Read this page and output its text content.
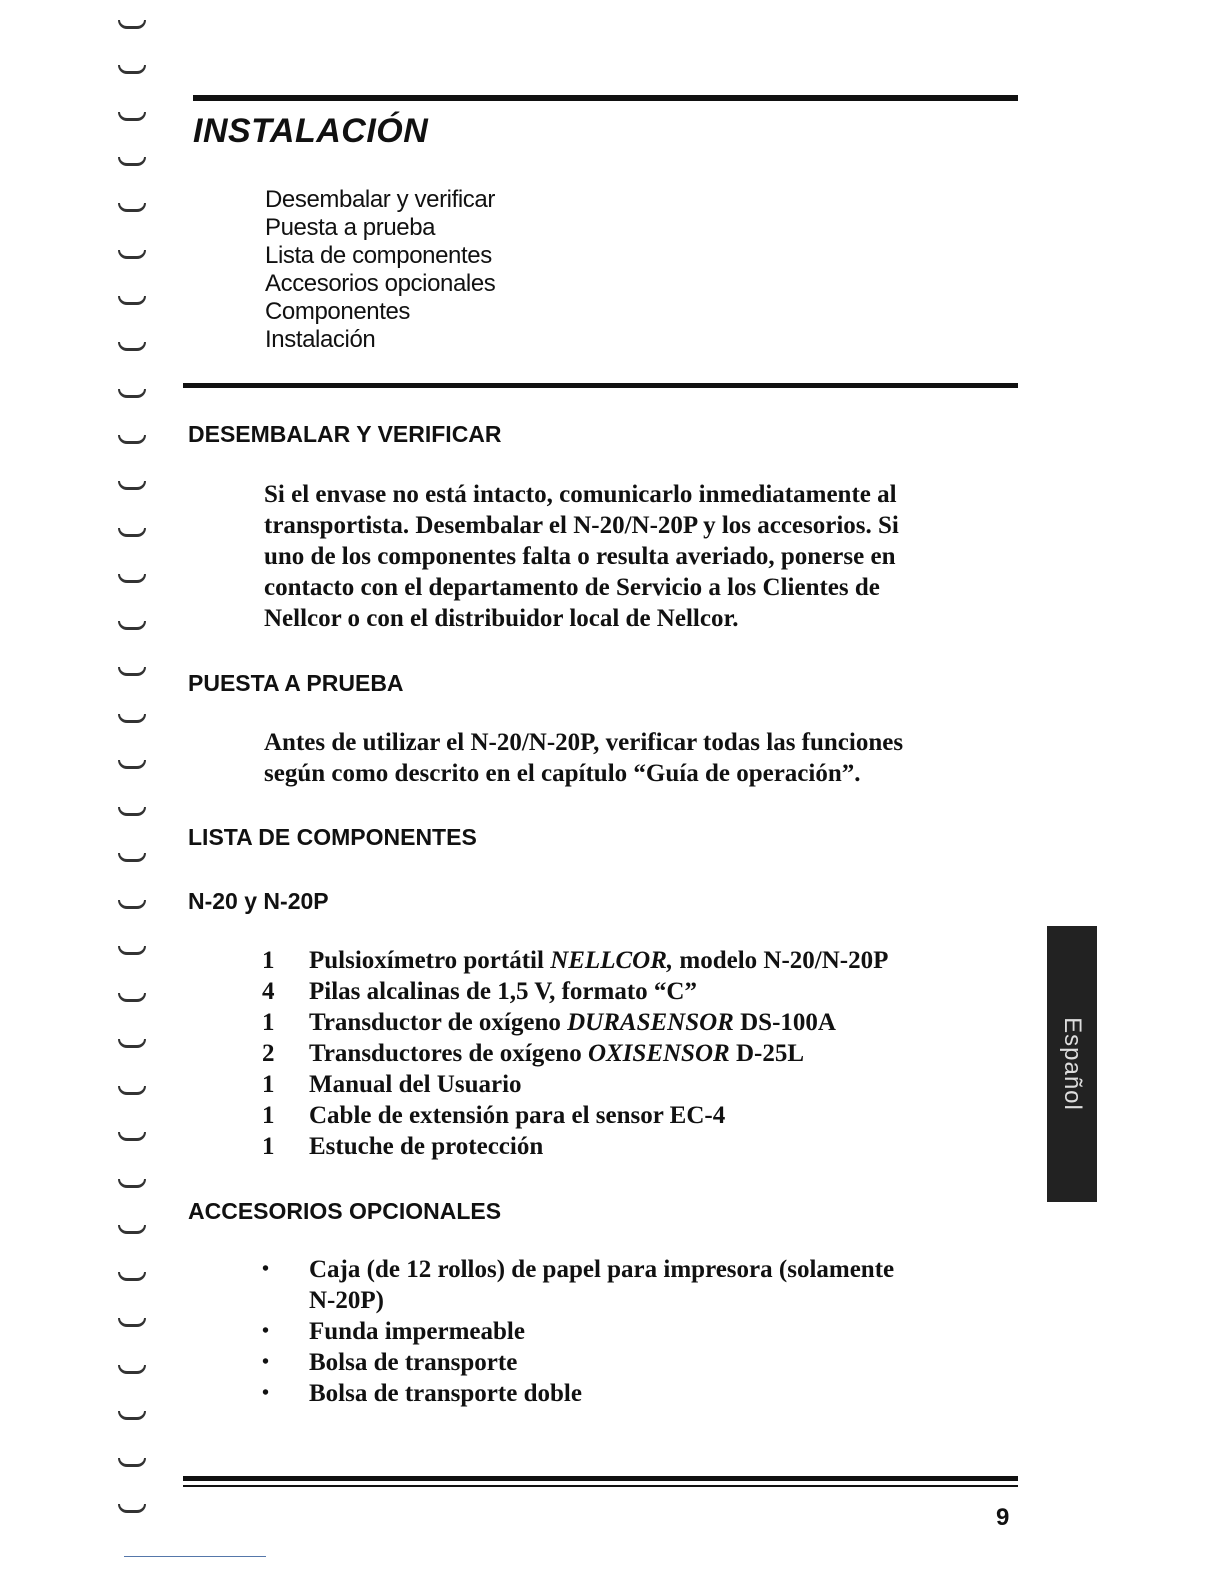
INSTALACIÓN
Desembalar y verificar
Puesta a prueba
Lista de componentes
Accesorios opcionales
Componentes
Instalación
DESEMBALAR Y VERIFICAR
Si el envase no está intacto, comunicarlo inmediatamente al
transportista. Desembalar el N-20/N-20P y los accesorios. Si
uno de los componentes falta o resulta averiado, ponerse en
contacto con el departamento de Servicio a los Clientes de
Nellcor o con el distribuidor local de Nellcor.
PUESTA A PRUEBA
Antes de utilizar el N-20/N-20P, verificar todas las funciones
según como descrito en el capítulo “Guía de operación”.
LISTA DE COMPONENTES
N-20 y N-20P
1	Pulsioxímetro portátil NELLCOR, modelo N-20/N-20P
4	Pilas alcalinas de 1,5 V, formato “C”
1	Transductor de oxígeno DURASENSOR DS-100A
2	Transductores de oxígeno OXISENSOR D-25L
1	Manual del Usuario
1	Cable de extensión para el sensor EC-4
1	Estuche de protección
ACCESORIOS OPCIONALES
•	Caja (de 12 rollos) de papel para impresora (solamente
N-20P)
•	Funda impermeable
•	Bolsa de transporte
•	Bolsa de transporte doble
Español

9
